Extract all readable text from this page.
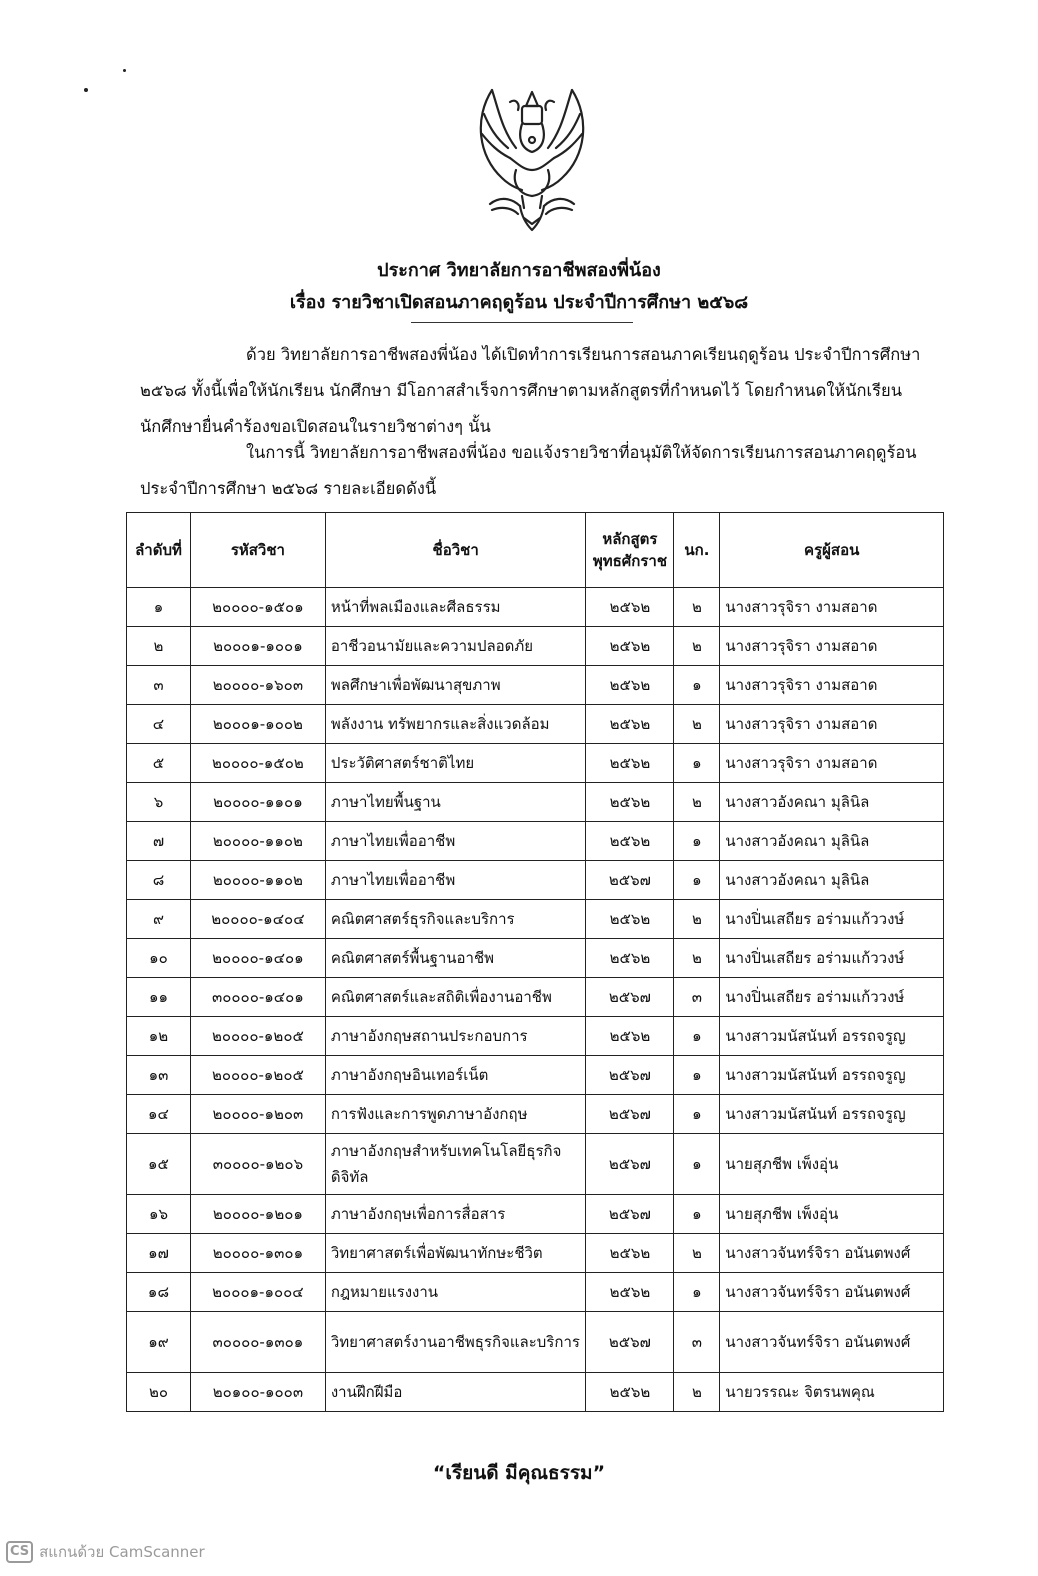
ประกาศ วิทยาลัยการอาชีพสองพี่น้อง
เรื่อง รายวิชาเปิดสอนภาคฤดูร้อน ประจำปีการศึกษา ๒๕๖๘
ด้วย วิทยาลัยการอาชีพสองพี่น้อง ได้เปิดทำการเรียนการสอนภาคเรียนฤดูร้อน ประจำปีการศึกษา ๒๕๖๘ ทั้งนี้เพื่อให้นักเรียน นักศึกษา มีโอกาสสำเร็จการศึกษาตามหลักสูตรที่กำหนดไว้ โดยกำหนดให้นักเรียน นักศึกษายื่นคำร้องขอเปิดสอนในรายวิชาต่างๆ นั้น
ในการนี้ วิทยาลัยการอาชีพสองพี่น้อง ขอแจ้งรายวิชาที่อนุมัติให้จัดการเรียนการสอนภาคฤดูร้อน ประจำปีการศึกษา ๒๕๖๘ รายละเอียดดังนี้
ลำดับที่	รหัสวิชา	ชื่อวิชา	หลักสูตร พุทธศักราช	นก.	ครูผู้สอน
๑	๒๐๐๐๐-๑๕๐๑	หน้าที่พลเมืองและศีลธรรม	๒๕๖๒	๒	นางสาวรุจิรา งามสอาด
๒	๒๐๐๐๑-๑๐๐๑	อาชีวอนามัยและความปลอดภัย	๒๕๖๒	๒	นางสาวรุจิรา งามสอาด
๓	๒๐๐๐๐-๑๖๐๓	พลศึกษาเพื่อพัฒนาสุขภาพ	๒๕๖๒	๑	นางสาวรุจิรา งามสอาด
๔	๒๐๐๐๑-๑๐๐๒	พลังงาน ทรัพยากรและสิ่งแวดล้อม	๒๕๖๒	๒	นางสาวรุจิรา งามสอาด
๕	๒๐๐๐๐-๑๕๐๒	ประวัติศาสตร์ชาติไทย	๒๕๖๒	๑	นางสาวรุจิรา งามสอาด
๖	๒๐๐๐๐-๑๑๐๑	ภาษาไทยพื้นฐาน	๒๕๖๒	๒	นางสาวอังคณา มุลินิล
๗	๒๐๐๐๐-๑๑๐๒	ภาษาไทยเพื่ออาชีพ	๒๕๖๒	๑	นางสาวอังคณา มุลินิล
๘	๒๐๐๐๐-๑๑๐๒	ภาษาไทยเพื่ออาชีพ	๒๕๖๗	๑	นางสาวอังคณา มุลินิล
๙	๒๐๐๐๐-๑๔๐๔	คณิตศาสตร์ธุรกิจและบริการ	๒๕๖๒	๒	นางปิ่นเสถียร อร่ามแก้ววงษ์
๑๐	๒๐๐๐๐-๑๔๐๑	คณิตศาสตร์พื้นฐานอาชีพ	๒๕๖๒	๒	นางปิ่นเสถียร อร่ามแก้ววงษ์
๑๑	๓๐๐๐๐-๑๔๐๑	คณิตศาสตร์และสถิติเพื่องานอาชีพ	๒๕๖๗	๓	นางปิ่นเสถียร อร่ามแก้ววงษ์
๑๒	๒๐๐๐๐-๑๒๐๕	ภาษาอังกฤษสถานประกอบการ	๒๕๖๒	๑	นางสาวมนัสนันท์ อรรถจรูญ
๑๓	๒๐๐๐๐-๑๒๐๕	ภาษาอังกฤษอินเทอร์เน็ต	๒๕๖๗	๑	นางสาวมนัสนันท์ อรรถจรูญ
๑๔	๒๐๐๐๐-๑๒๐๓	การฟังและการพูดภาษาอังกฤษ	๒๕๖๗	๑	นางสาวมนัสนันท์ อรรถจรูญ
๑๕	๓๐๐๐๐-๑๒๐๖	ภาษาอังกฤษสำหรับเทคโนโลยีธุรกิจดิจิทัล	๒๕๖๗	๑	นายสุภชีพ เพ็งอุ่น
๑๖	๒๐๐๐๐-๑๒๐๑	ภาษาอังกฤษเพื่อการสื่อสาร	๒๕๖๗	๑	นายสุภชีพ เพ็งอุ่น
๑๗	๒๐๐๐๐-๑๓๐๑	วิทยาศาสตร์เพื่อพัฒนาทักษะชีวิต	๒๕๖๒	๒	นางสาวจันทร์จิรา อนันตพงศ์
๑๘	๒๐๐๐๑-๑๐๐๔	กฎหมายแรงงาน	๒๕๖๒	๑	นางสาวจันทร์จิรา อนันตพงศ์
๑๙	๓๐๐๐๐-๑๓๐๑	วิทยาศาสตร์งานอาชีพธุรกิจและบริการ	๒๕๖๗	๓	นางสาวจันทร์จิรา อนันตพงศ์
๒๐	๒๐๑๐๐-๑๐๐๓	งานฝึกฝีมือ	๒๕๖๒	๒	นายวรรณะ จิตรนพคุณ
“เรียนดี มีคุณธรรม”
CS สแกนด้วย CamScanner
